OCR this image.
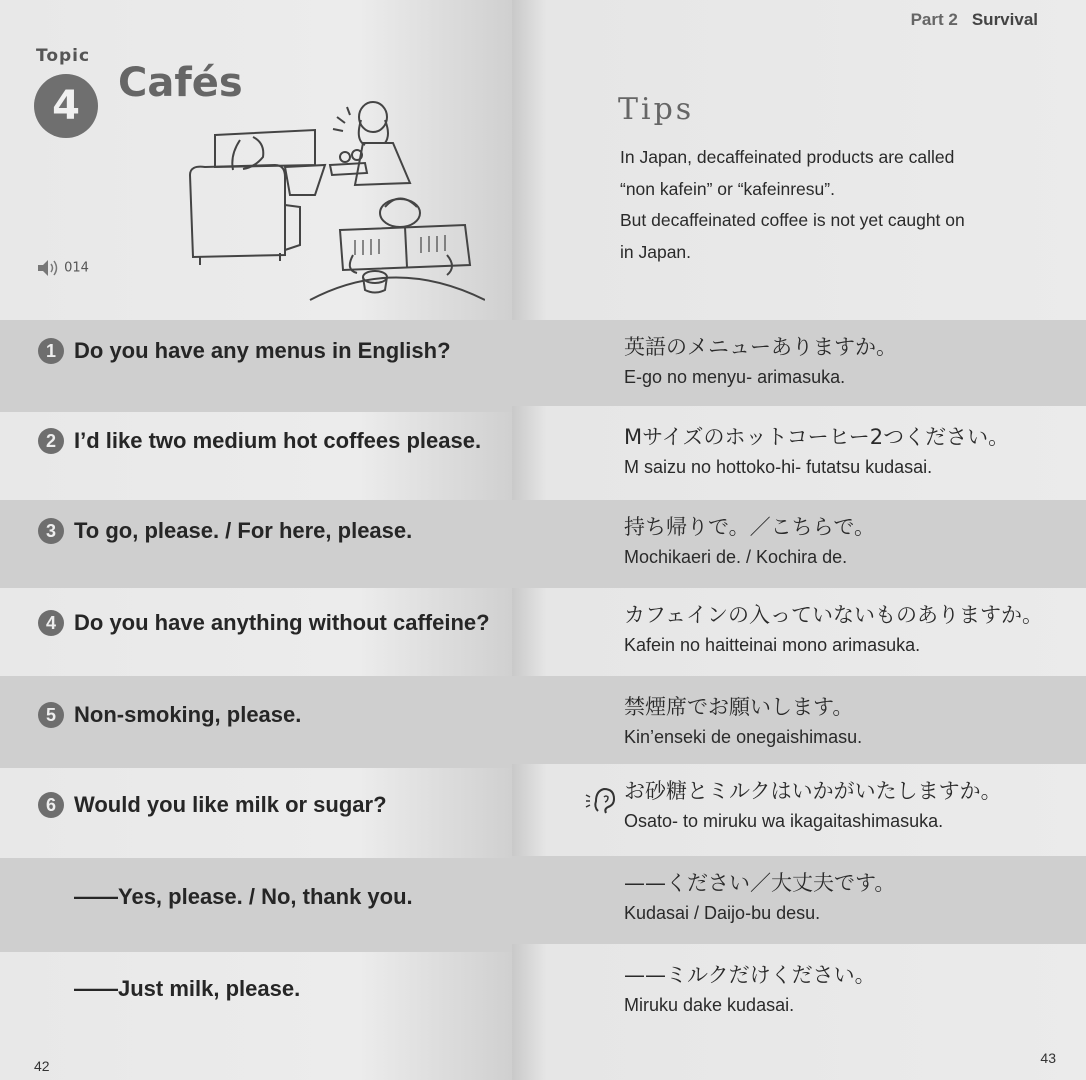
Topic
4 Cafés
014
1 Do you have any menus in English?
2 I’d like two medium hot coffees please.
3 To go, please. / For here, please.
4 Do you have anything without caffeine?
5 Non-smoking, please.
6 Would you like milk or sugar?
——Yes, please. / No, thank you.
——Just milk, please.
42
Part 2 Survival
Tips

In Japan, decaffeinated products are called

“non kafein” or “kafeinresu”.

But decaffeinated coffee is not yet caught on

in Japan.

英語のメニューありますか。
E-go no menyu- arimasuka.
Mサイズのホットコーヒー2つください。
M saizu no hottoko-hi- futatsu kudasai.
持ち帰りで。／こちらで。
Mochikaeri de. / Kochira de.
カフェインの入っていないものありますか。
Kafein no haitteinai mono arimasuka.
禁煙席でお願いします。
Kin’enseki de onegaishimasu.
お砂糖とミルクはいかがいたしますか。
Osato- to miruku wa ikagaitashimasuka.
——ください／大丈夫です。
Kudasai / Daijo-bu desu.
——ミルクだけください。
Miruku dake kudasai.
43
